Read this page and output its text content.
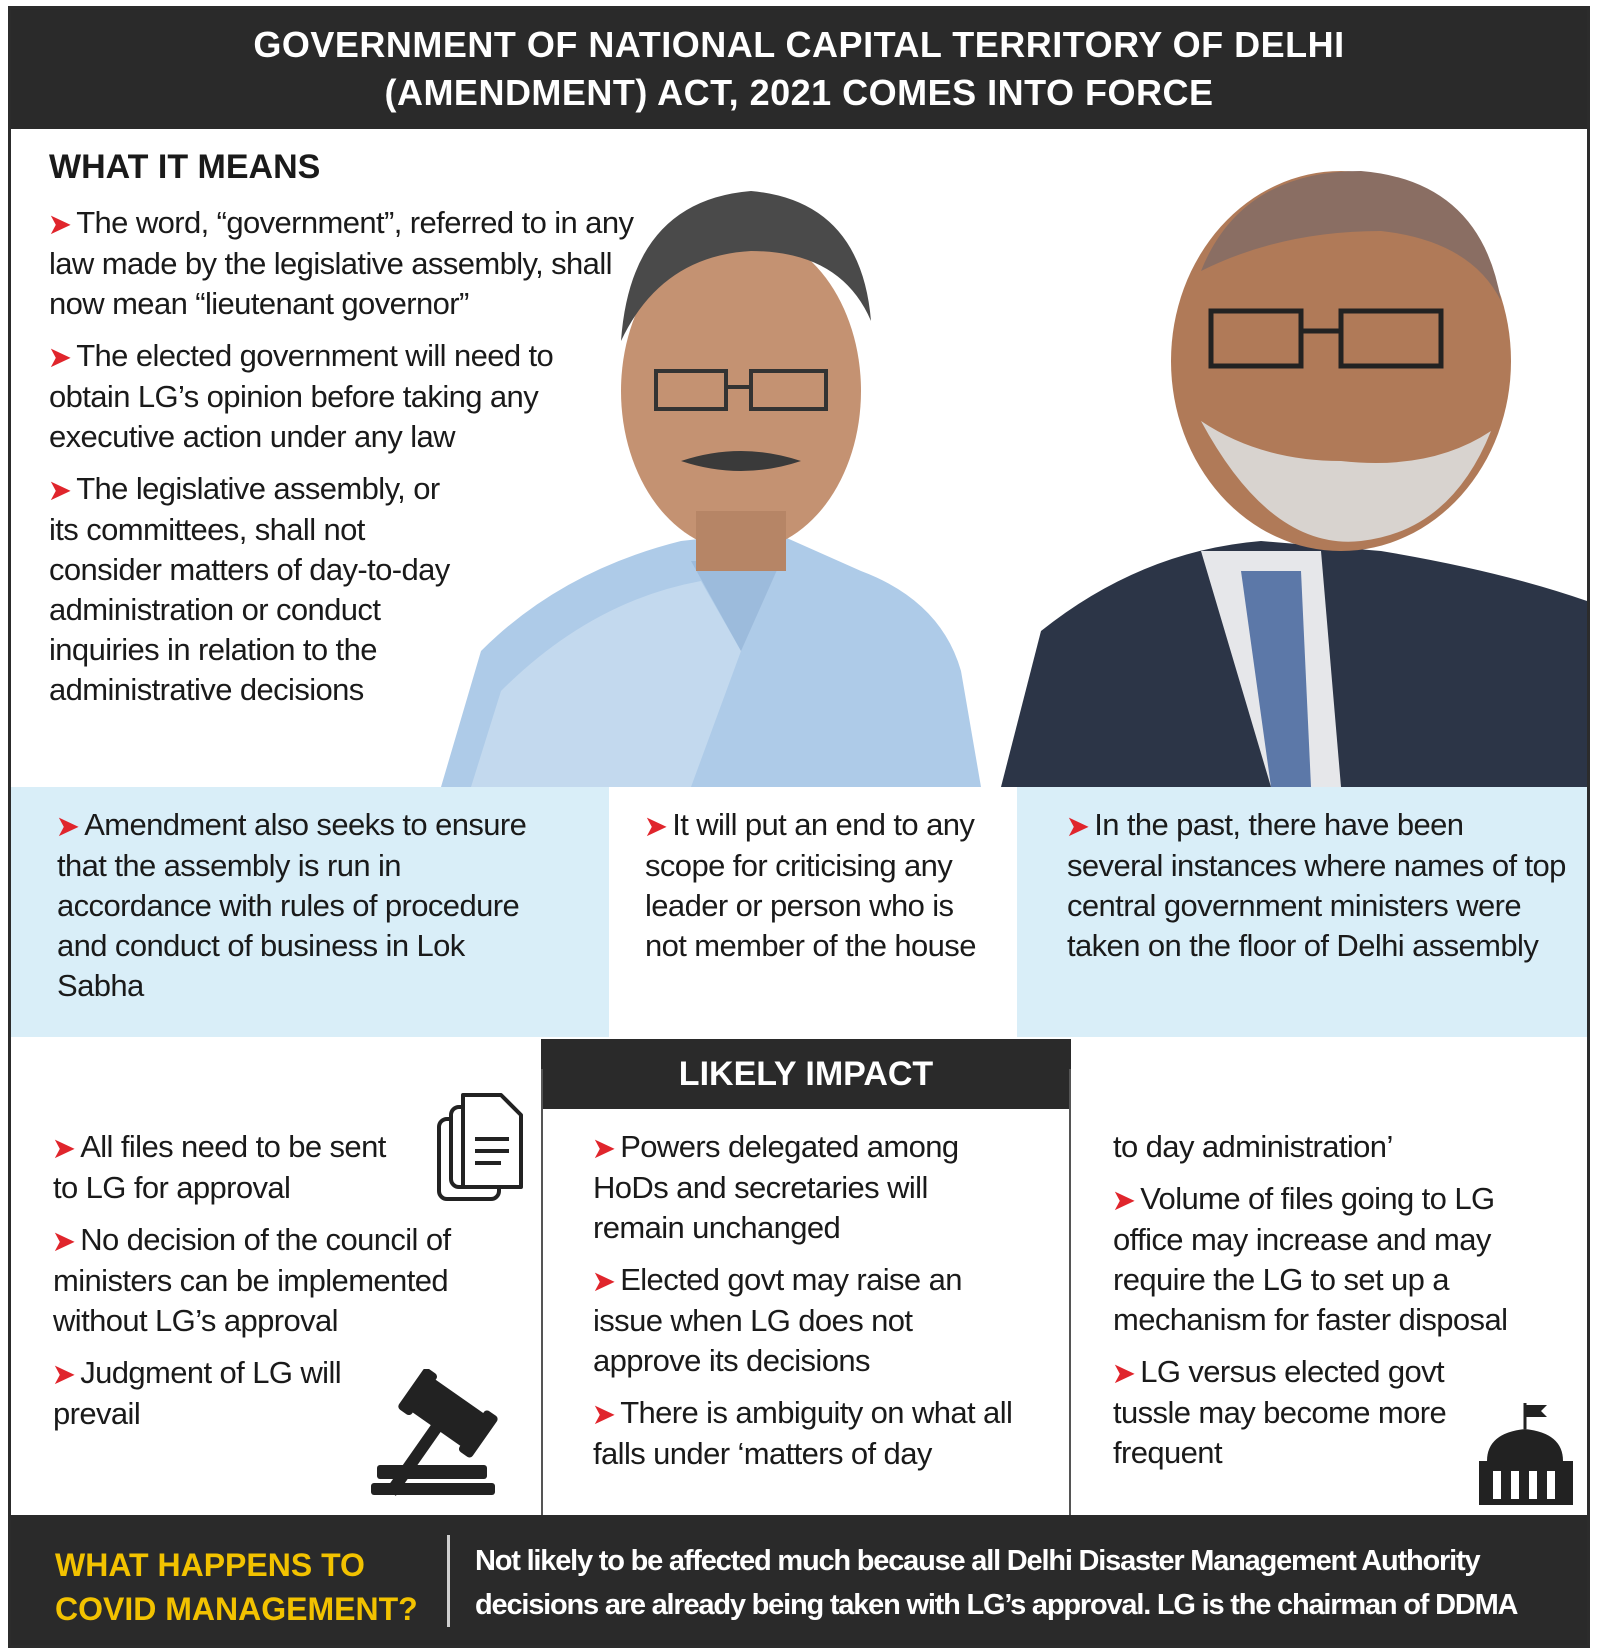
GOVERNMENT OF NATIONAL CAPITAL TERRITORY OF DELHI
(AMENDMENT) ACT, 2021 COMES INTO FORCE
WHAT IT MEANS

➤ The word, “government”, referred to in any law made by the legislative assembly, shall now mean “lieutenant governor”

➤ The elected government will need to obtain LG’s opinion before taking any executive action under any law

➤ The legislative assembly, or its committees, shall not consider matters of day-to-day administration or conduct inquiries in relation to the administrative decisions

➤ Amendment also seeks to ensure that the assembly is run in accordance with rules of procedure and conduct of business in Lok Sabha

➤ It will put an end to any scope for criticising any leader or person who is not member of the house

➤ In the past, there have been several instances where names of top central government ministers were taken on the floor of Delhi assembly

LIKELY IMPACT

➤ All files need to be sent to LG for approval

➤ No decision of the council of ministers can be implemented without LG’s approval

➤ Judgment of LG will prevail

➤ Powers delegated among HoDs and secretaries will remain unchanged

➤ Elected govt may raise an issue when LG does not approve its decisions

➤ There is ambiguity on what all falls under ‘matters of day

to day administration’

➤ Volume of files going to LG office may increase and may require the LG to set up a mechanism for faster disposal

➤ LG versus elected govt tussle may become more frequent

WHAT HAPPENS TO
COVID MANAGEMENT?
Not likely to be affected much because all Delhi Disaster Management Authority decisions are already being taken with LG’s approval. LG is the chairman of DDMA
